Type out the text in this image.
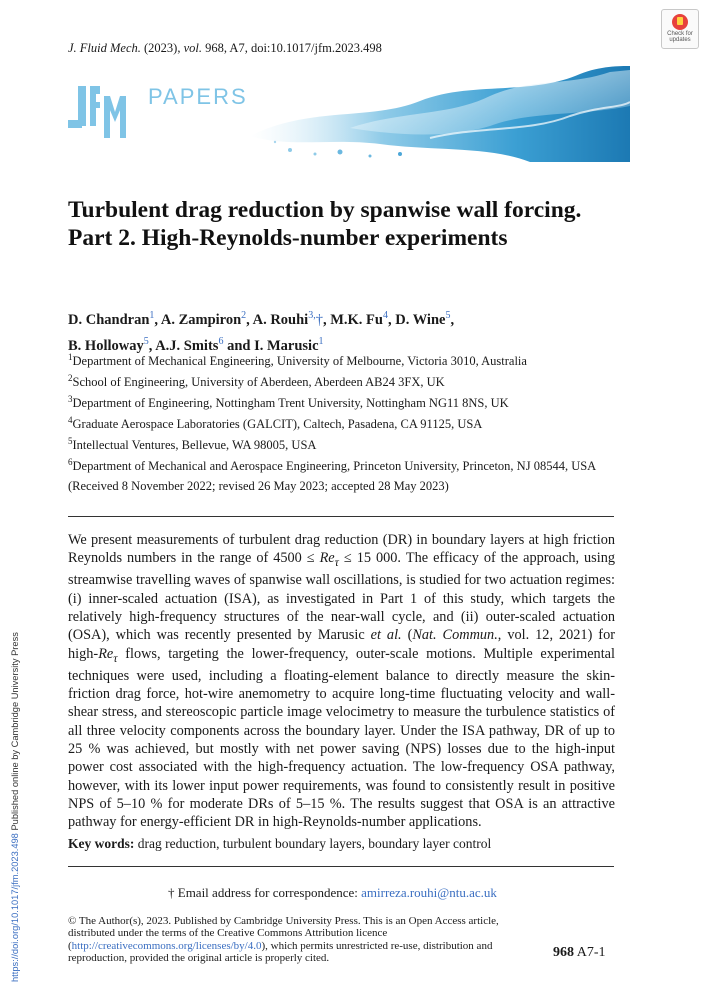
J. Fluid Mech. (2023), vol. 968, A7, doi:10.1017/jfm.2023.498
Check for updates
PAPERS
Turbulent drag reduction by spanwise wall forcing. Part 2. High-Reynolds-number experiments
D. Chandran$^1$, A. Zampiron$^2$, A. Rouhi$^{3,}$†, M.K. Fu$^4$, D. Wine$^5$,
B. Holloway$^5$, A.J. Smits$^6$ and I. Marusic$^1$
$^1$Department of Mechanical Engineering, University of Melbourne, Victoria 3010, Australia
$^2$School of Engineering, University of Aberdeen, Aberdeen AB24 3FX, UK
$^3$Department of Engineering, Nottingham Trent University, Nottingham NG11 8NS, UK
$^4$Graduate Aerospace Laboratories (GALCIT), Caltech, Pasadena, CA 91125, USA
$^5$Intellectual Ventures, Bellevue, WA 98005, USA
$^6$Department of Mechanical and Aerospace Engineering, Princeton University, Princeton, NJ 08544, USA
(Received 8 November 2022; revised 26 May 2023; accepted 28 May 2023)

We present measurements of turbulent drag reduction (DR) in boundary layers at high friction Reynolds numbers in the range of $4500 \le Re_\tau \le 15$ 000. The efficacy of the approach, using streamwise travelling waves of spanwise wall oscillations, is studied for two actuation regimes: (i) inner-scaled actuation (ISA), as investigated in Part 1 of this study, which targets the relatively high-frequency structures of the near-wall cycle, and (ii) outer-scaled actuation (OSA), which was recently presented by Marusic et al. (Nat. Commun., vol. 12, 2021) for high-$Re_\tau$ flows, targeting the lower-frequency, outer-scale motions. Multiple experimental techniques were used, including a floating-element balance to directly measure the skin-friction drag force, hot-wire anemometry to acquire long-time fluctuating velocity and wall-shear stress, and stereoscopic particle image velocimetry to measure the turbulence statistics of all three velocity components across the boundary layer. Under the ISA pathway, DR of up to 25 % was achieved, but mostly with net power saving (NPS) losses due to the high-input power cost associated with the high-frequency actuation. The low-frequency OSA pathway, however, with its lower input power requirements, was found to consistently result in positive NPS of 5–10 % for moderate DRs of 5–15 %. The results suggest that OSA is an attractive pathway for energy-efficient DR in high-Reynolds-number applications.

Key words: drag reduction, turbulent boundary layers, boundary layer control
† Email address for correspondence: amirreza.rouhi@ntu.ac.uk
© The Author(s), 2023. Published by Cambridge University Press. This is an Open Access article, distributed under the terms of the Creative Commons Attribution licence (http://creativecommons.org/licenses/by/4.0), which permits unrestricted re-use, distribution and reproduction, provided the original article is properly cited.	968 A7-1
https://doi.org/10.1017/jfm.2023.498 Published online by Cambridge University Press
